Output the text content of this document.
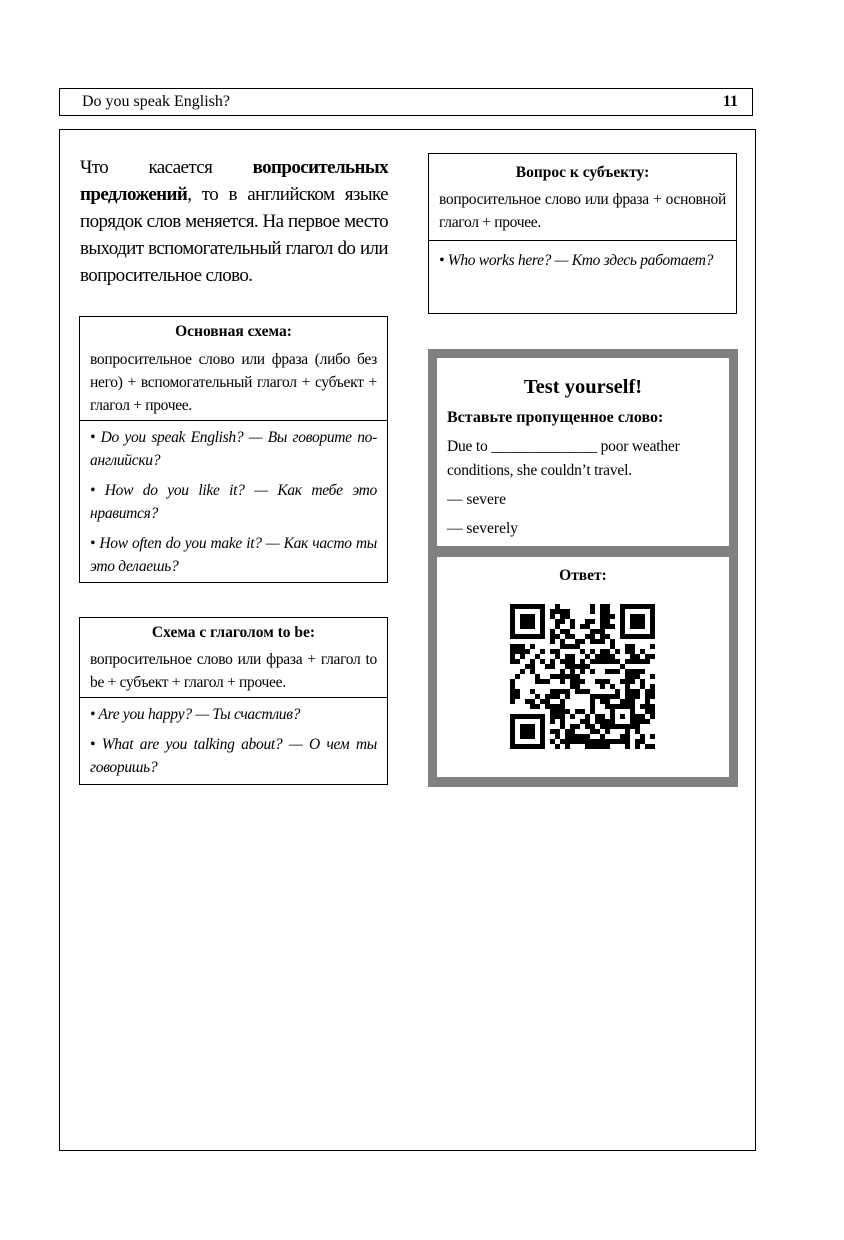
Do you speak English?	11
Что касается вопросительных предложений, то в английском языке порядок слов меняется. На первое место выходит вспомогательный глагол do или вопросительное слово.
Основная схема:
вопросительное слово или фраза (либо без него) + вспомогательный глагол + субъект + глагол + прочее.
• Do you speak English? — Вы говорите по-английски?
• How do you like it? — Как тебе это нравится?
• How often do you make it? — Как часто ты это делаешь?
Схема с глаголом to be:
вопросительное слово или фраза + глагол to be + субъект + глагол + прочее.
• Are you happy? — Ты счастлив?
• What are you talking about? — О чем ты говоришь?
Вопрос к субъекту:
вопросительное слово или фраза + основной глагол + прочее.
• Who works here? — Кто здесь работает?
Test yourself!
Вставьте пропущенное слово:
Due to ______________ poor weather conditions, she couldn’t travel.
— severe
— severely
Ответ:
